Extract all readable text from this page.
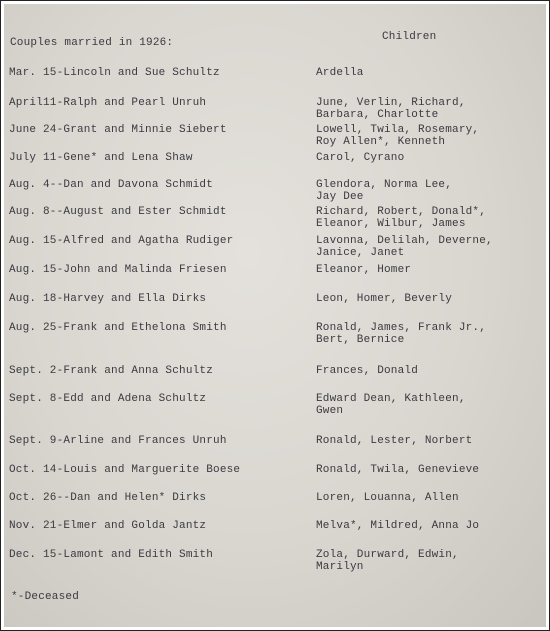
Couples married in 1926:	Children
Mar. 15-Lincoln and Sue Schultz	Ardella
April11-Ralph and Pearl Unruh	June, Verlin, Richard,
Barbara, Charlotte
June 24-Grant and Minnie Siebert	Lowell, Twila, Rosemary,
Roy Allen*, Kenneth
July 11-Gene* and Lena Shaw	Carol, Cyrano
Aug. 4--Dan and Davona Schmidt	Glendora, Norma Lee,
Jay Dee
Aug. 8--August and Ester Schmidt	Richard, Robert, Donald*,
Eleanor, Wilbur, James
Aug. 15-Alfred and Agatha Rudiger	Lavonna, Delilah, Deverne,
Janice, Janet
Aug. 15-John and Malinda Friesen	Eleanor, Homer
Aug. 18-Harvey and Ella Dirks	Leon, Homer, Beverly
Aug. 25-Frank and Ethelona Smith	Ronald, James, Frank Jr.,
Bert, Bernice
Sept. 2-Frank and Anna Schultz	Frances, Donald
Sept. 8-Edd and Adena Schultz	Edward Dean, Kathleen,
Gwen
Sept. 9-Arline and Frances Unruh	Ronald, Lester, Norbert
Oct. 14-Louis and Marguerite Boese	Ronald, Twila, Genevieve
Oct. 26--Dan and Helen* Dirks	Loren, Louanna, Allen
Nov. 21-Elmer and Golda Jantz	Melva*, Mildred, Anna Jo
Dec. 15-Lamont and Edith Smith	Zola, Durward, Edwin,
Marilyn
*-Deceased
